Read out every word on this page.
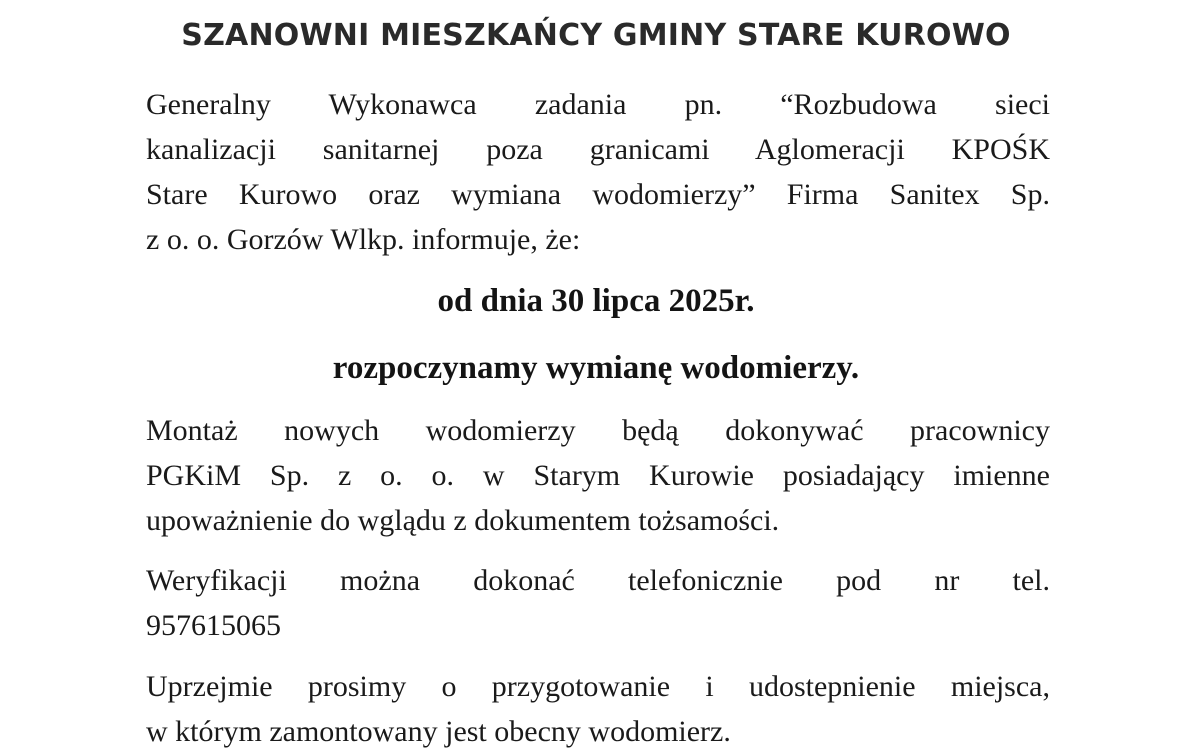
SZANOWNI MIESZKAŃCY GMINY STARE KUROWO
Generalny Wykonawca zadania pn. “Rozbudowa sieci
kanalizacji sanitarnej poza granicami Aglomeracji KPOŚK
Stare Kurowo oraz wymiana wodomierzy” Firma Sanitex Sp.
z o. o. Gorzów Wlkp. informuje, że:
od dnia 30 lipca 2025r.
rozpoczynamy wymianę wodomierzy.
Montaż nowych wodomierzy będą dokonywać pracownicy
PGKiM Sp. z o. o. w Starym Kurowie posiadający imienne
upoważnienie do wglądu z dokumentem tożsamości.
Weryfikacji można dokonać telefonicznie pod nr tel.
957615065
Uprzejmie prosimy o przygotowanie i udostepnienie miejsca,
w którym zamontowany jest obecny wodomierz.
